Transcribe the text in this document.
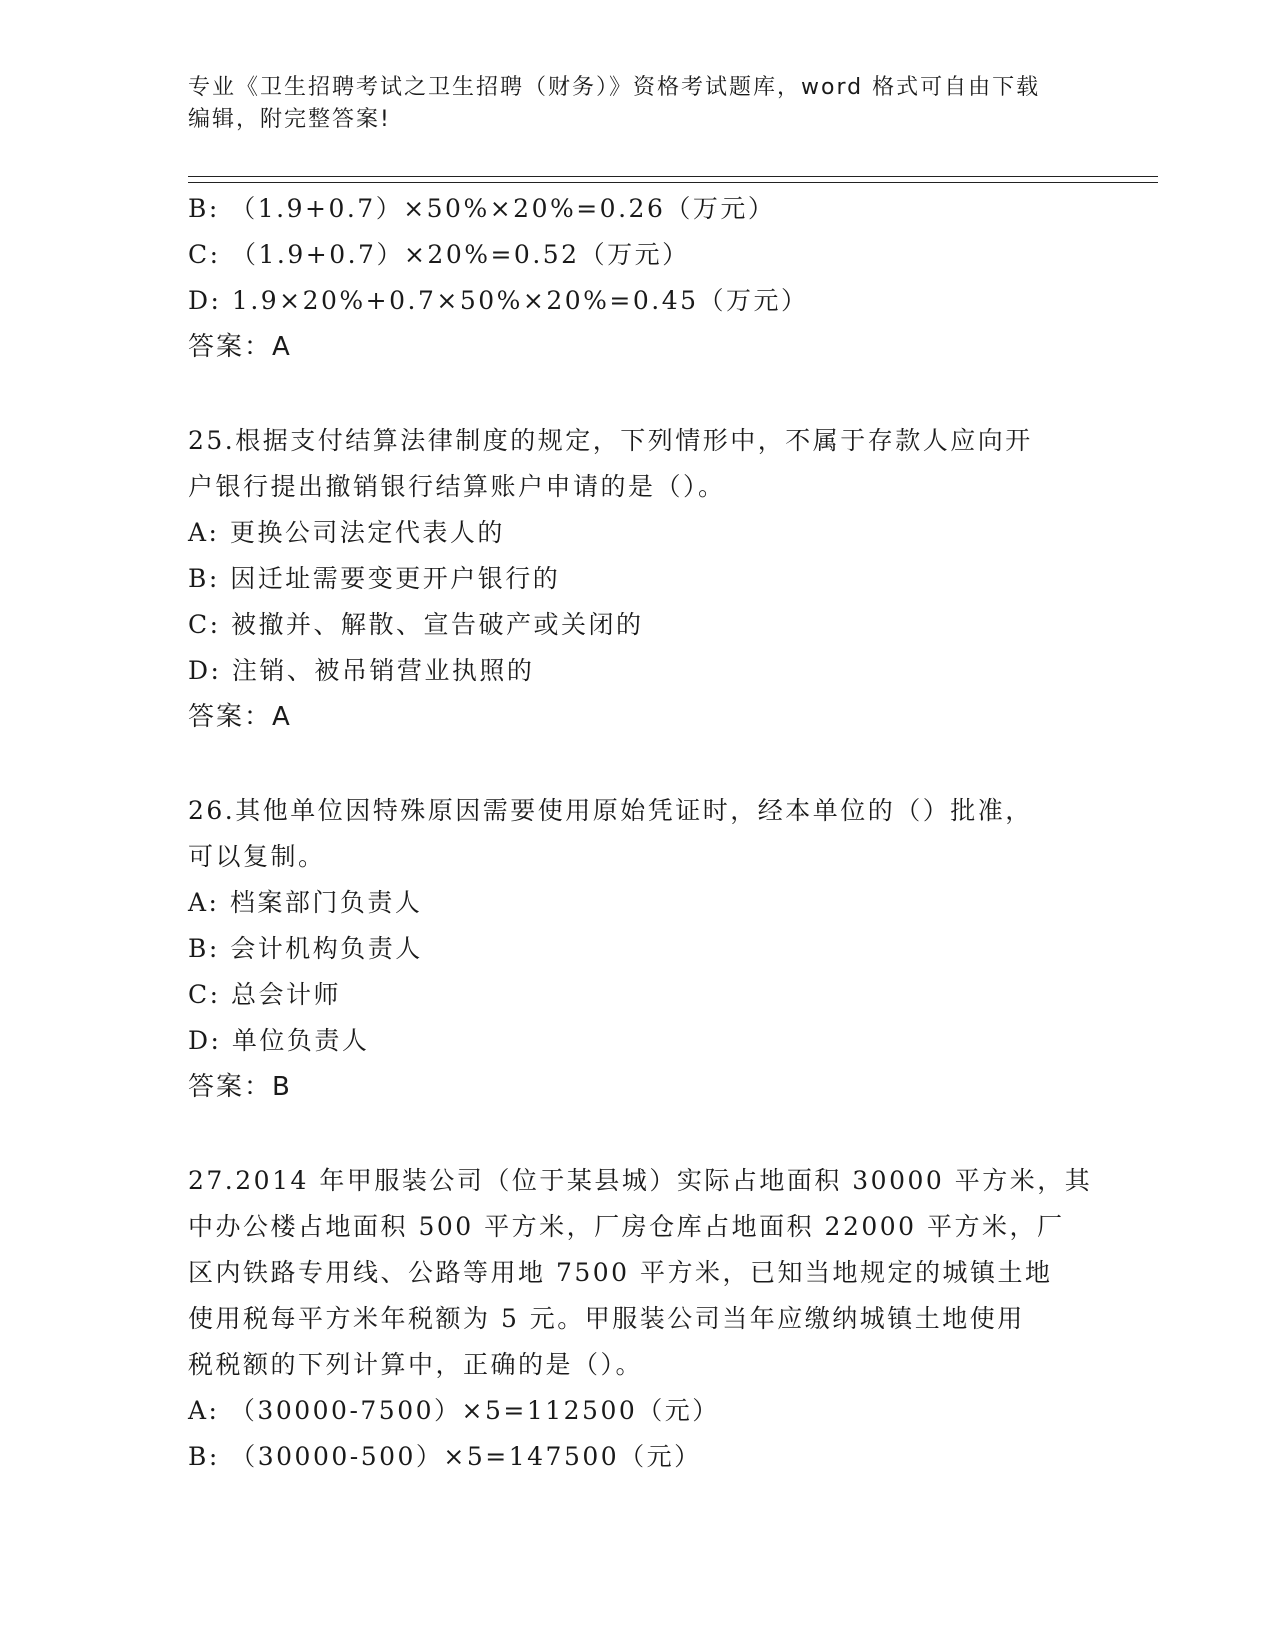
专业《卫生招聘考试之卫生招聘（财务）》资格考试题库，word 格式可自由下载
编辑，附完整答案!
B: （1.9+0.7）×50%×20%=0.26（万元）
C: （1.9+0.7）×20%=0.52（万元）
D: 1.9×20%+0.7×50%×20%=0.45（万元）
答案：A
25.根据支付结算法律制度的规定，下列情形中，不属于存款人应向开
户银行提出撤销银行结算账户申请的是（）。
A: 更换公司法定代表人的
B: 因迁址需要变更开户银行的
C: 被撤并、解散、宣告破产或关闭的
D: 注销、被吊销营业执照的
答案：A
26.其他单位因特殊原因需要使用原始凭证时，经本单位的（）批准，
可以复制。
A: 档案部门负责人
B: 会计机构负责人
C: 总会计师
D: 单位负责人
答案：B
27.2014 年甲服装公司（位于某县城）实际占地面积 30000 平方米，其
中办公楼占地面积 500 平方米，厂房仓库占地面积 22000 平方米，厂
区内铁路专用线、公路等用地 7500 平方米，已知当地规定的城镇土地
使用税每平方米年税额为 5 元。甲服装公司当年应缴纳城镇土地使用
税税额的下列计算中，正确的是（）。
A: （30000-7500）×5=112500（元）
B: （30000-500）×5=147500（元）
